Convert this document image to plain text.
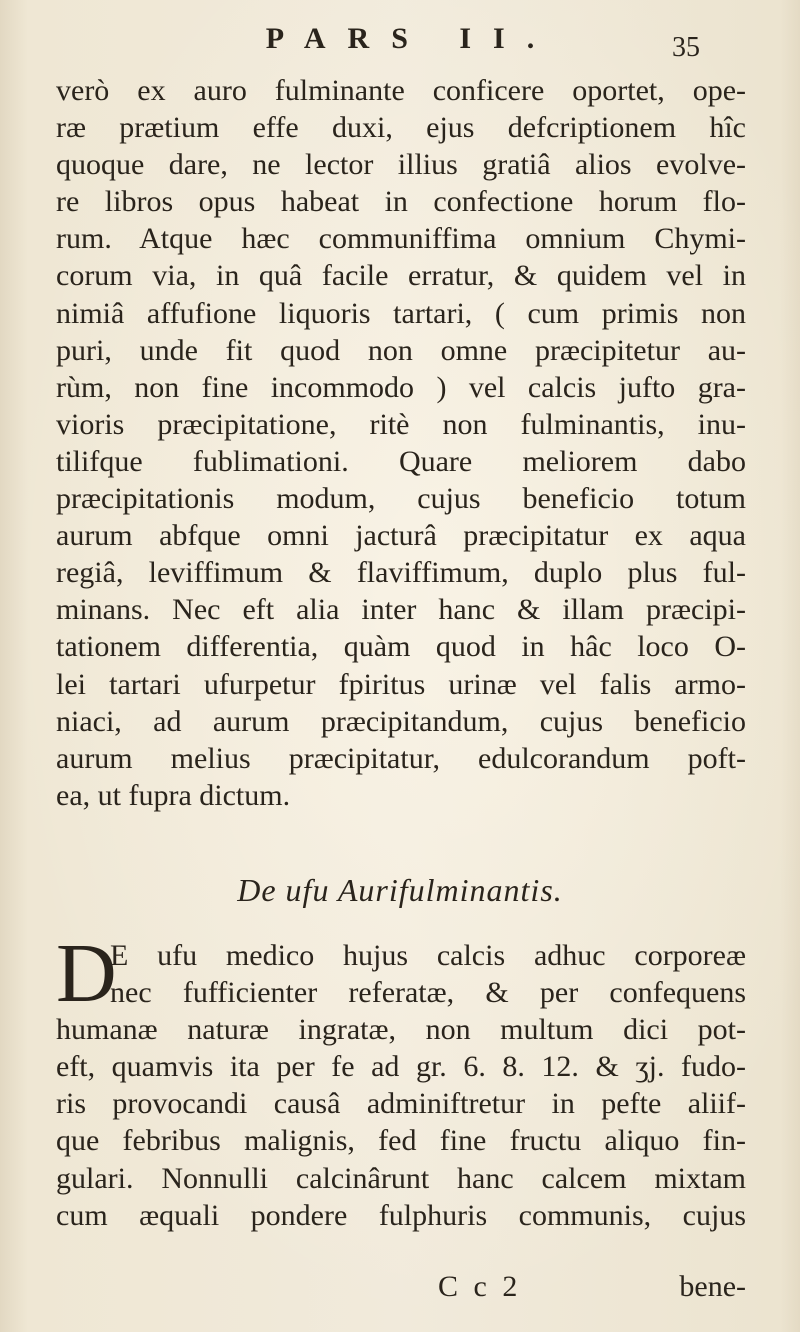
PARS II.	35
verò ex auro fulminante conficere oportet, ope-
ræ prætium effe duxi, ejus defcriptionem hîc
quoque dare, ne lector illius gratiâ alios evolve-
re libros opus habeat in confectione horum flo-
rum. Atque hæc communiffima omnium Chymi-
corum via, in quâ facile erratur, & quidem vel in
nimiâ affufione liquoris tartari, ( cum primis non
puri, unde fit quod non omne præcipitetur au-
rùm, non fine incommodo ) vel calcis jufto gra-
vioris præcipitatione, ritè non fulminantis, inu-
tilifque fublimationi. Quare meliorem dabo
præcipitationis modum, cujus beneficio totum
aurum abfque omni jacturâ præcipitatur ex aqua
regiâ, leviffimum & flaviffimum, duplo plus ful-
minans. Nec eft alia inter hanc & illam præcipi-
tationem differentia, quàm quod in hâc loco O-
lei tartari ufurpetur fpiritus urinæ vel falis armo-
niaci, ad aurum præcipitandum, cujus beneficio
aurum melius præcipitatur, edulcorandum poft-
ea, ut fupra dictum.
De ufu Aurifulminantis.
D
E ufu medico hujus calcis adhuc corporeæ
nec fufficienter referatæ, & per confequens
humanæ naturæ ingratæ, non multum dici pot-
eft, quamvis ita per fe ad gr. 6. 8. 12. & ʒj. fudo-
ris provocandi causâ adminiftretur in pefte aliif-
que febribus malignis, fed fine fructu aliquo fin-
gulari. Nonnulli calcinârunt hanc calcem mixtam
cum æquali pondere fulphuris communis, cujus
C c 2	bene-
